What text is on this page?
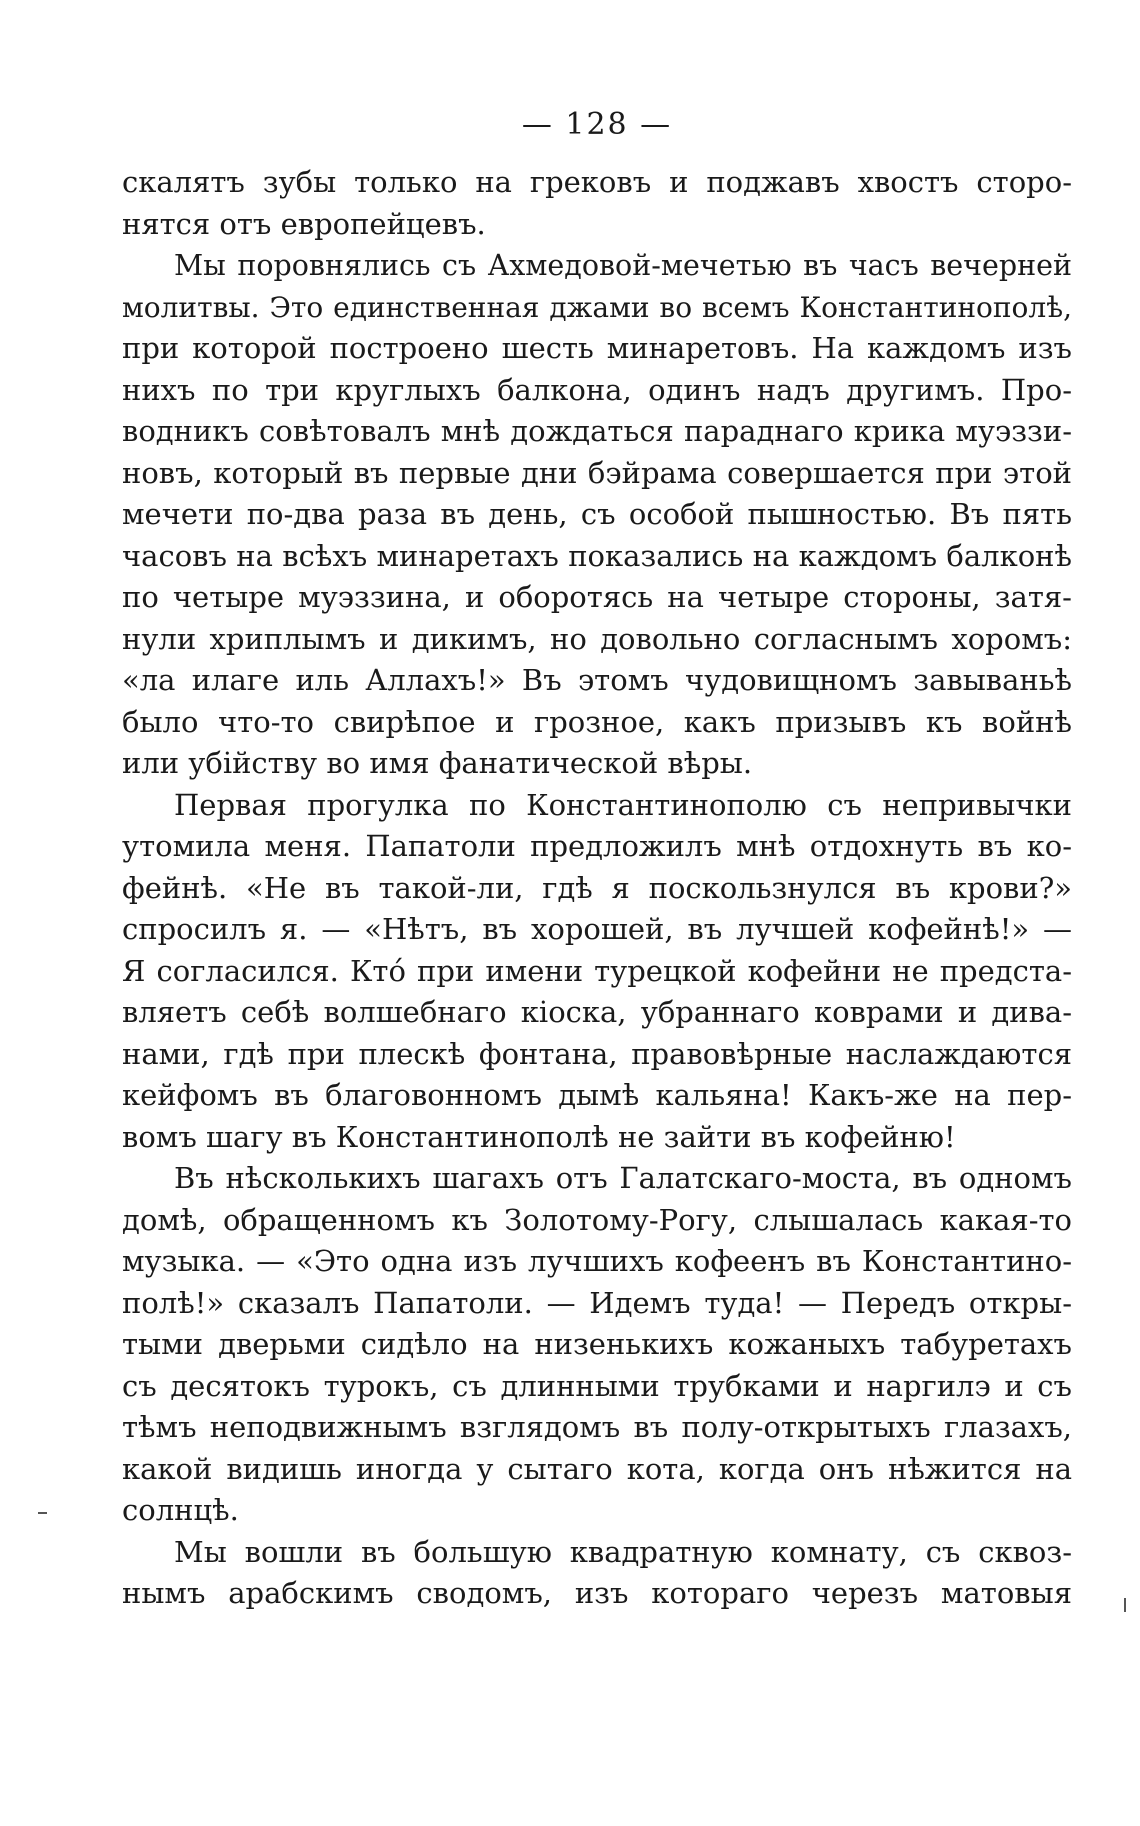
— 128 —
скалятъ зубы только на грековъ и поджавъ хвостъ сторо-
нятся отъ европейцевъ.
Мы поровнялись съ Ахмедовой-мечетью въ часъ вечерней
молитвы. Это единственная джами во всемъ Константинополѣ,
при которой построено шесть минаретовъ. На каждомъ изъ
нихъ по три круглыхъ балкона, одинъ надъ другимъ. Про-
водникъ совѣтовалъ мнѣ дождаться параднаго крика муэззи-
новъ, который въ первые дни бэйрама совершается при этой
мечети по-два раза въ день, съ особой пышностью. Въ пять
часовъ на всѣхъ минаретахъ показались на каждомъ балконѣ
по четыре муэззина, и оборотясь на четыре стороны, затя-
нули хриплымъ и дикимъ, но довольно согласнымъ хоромъ:
«ла илаге иль Аллахъ!» Въ этомъ чудовищномъ завываньѣ
было что-то свирѣпое и грозное, какъ призывъ къ войнѣ
или убійству во имя фанатической вѣры.
Первая прогулка по Константинополю съ непривычки
утомила меня. Папатоли предложилъ мнѣ отдохнуть въ ко-
фейнѣ. «Не въ такой-ли, гдѣ я поскользнулся въ крови?»
спросилъ я. — «Нѣтъ, въ хорошей, въ лучшей кофейнѣ!» —
Я согласился. Ктó при имени турецкой кофейни не предста-
вляетъ себѣ волшебнаго кіоска, убраннаго коврами и дива-
нами, гдѣ при плескѣ фонтана, правовѣрные наслаждаются
кейфомъ въ благовонномъ дымѣ кальяна! Какъ-же на пер-
вомъ шагу въ Константинополѣ не зайти въ кофейню!
Въ нѣсколькихъ шагахъ отъ Галатскаго-моста, въ одномъ
домѣ, обращенномъ къ Золотому-Рогу, слышалась какая-то
музыка. — «Это одна изъ лучшихъ кофеенъ въ Константино-
полѣ!» сказалъ Папатоли. — Идемъ туда! — Передъ откры-
тыми дверьми сидѣло на низенькихъ кожаныхъ табуретахъ
съ десятокъ турокъ, съ длинными трубками и наргилэ и съ
тѣмъ неподвижнымъ взглядомъ въ полу-открытыхъ глазахъ,
какой видишь иногда у сытаго кота, когда онъ нѣжится на
солнцѣ.
Мы вошли въ большую квадратную комнату, съ сквоз-
нымъ арабскимъ сводомъ, изъ котораго черезъ матовыя
